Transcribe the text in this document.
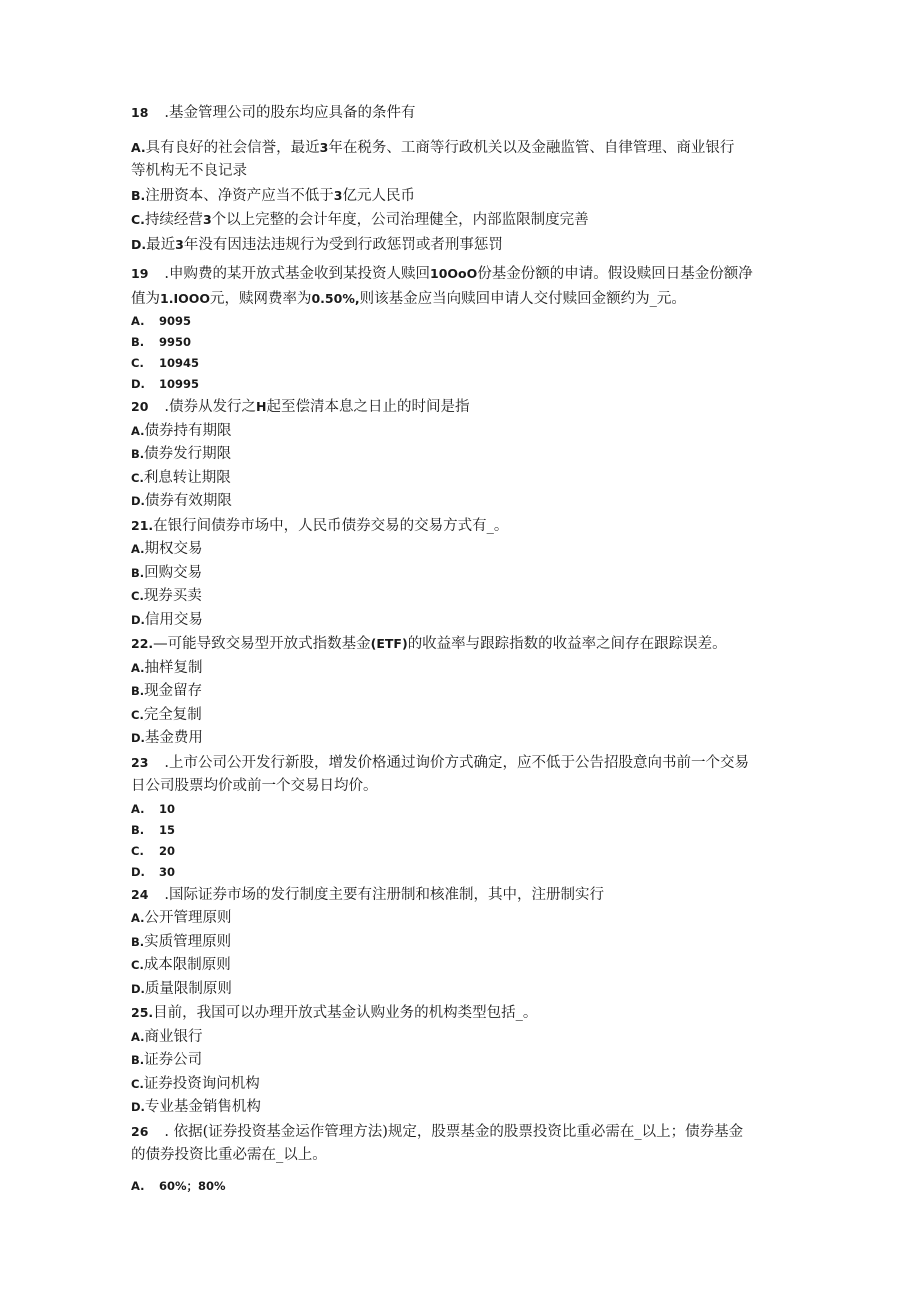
18 .基金管理公司的股东均应具备的条件有

A.具有良好的社会信誉，最近3年在税务、工商等行政机关以及金融监管、自律管理、商业银行
等机构无不良记录

B.注册资本、净资产应当不低于3亿元人民币

C.持续经营3个以上完整的会计年度，公司治理健全，内部监限制度完善

D.最近3年没有因违法违规行为受到行政惩罚或者刑事惩罚

19 .申购费的某开放式基金收到某投资人赎回10OoO份基金份额的申请。假设赎回日基金份额净
值为1.IOOO元，赎网费率为0.50%,则该基金应当向赎回申请人交付赎回金额约为_元。

A. 9095

B. 9950

C. 10945

D. 10995

20 .债券从发行之H起至偿清本息之日止的时间是指

A.债券持有期限

B.债券发行期限

C.利息转让期限

D.债券有效期限

21.在银行间债券市场中，人民币债券交易的交易方式有_。

A.期权交易

B.回购交易

C.现券买卖

D.信用交易

22.—可能导致交易型开放式指数基金(ETF)的收益率与跟踪指数的收益率之间存在跟踪误差。

A.抽样复制

B.现金留存

C.完全复制

D.基金费用

23 .上市公司公开发行新股，增发价格通过询价方式确定，应不低于公告招股意向书前一个交易
日公司股票均价或前一个交易日均价。

A. 10

B. 15

C. 20

D. 30

24 .国际证券市场的发行制度主要有注册制和核准制，其中，注册制实行

A.公开管理原则

B.实质管理原则

C.成本限制原则

D.质量限制原则

25.目前，我国可以办理开放式基金认购业务的机构类型包括_。

A.商业银行

B.证券公司

C.证券投资询问机构

D.专业基金销售机构

26 . 依据(证券投资基金运作管理方法)规定，股票基金的股票投资比重必需在_以上；债券基金
的债券投资比重必需在_以上。

A. 60%；80%
